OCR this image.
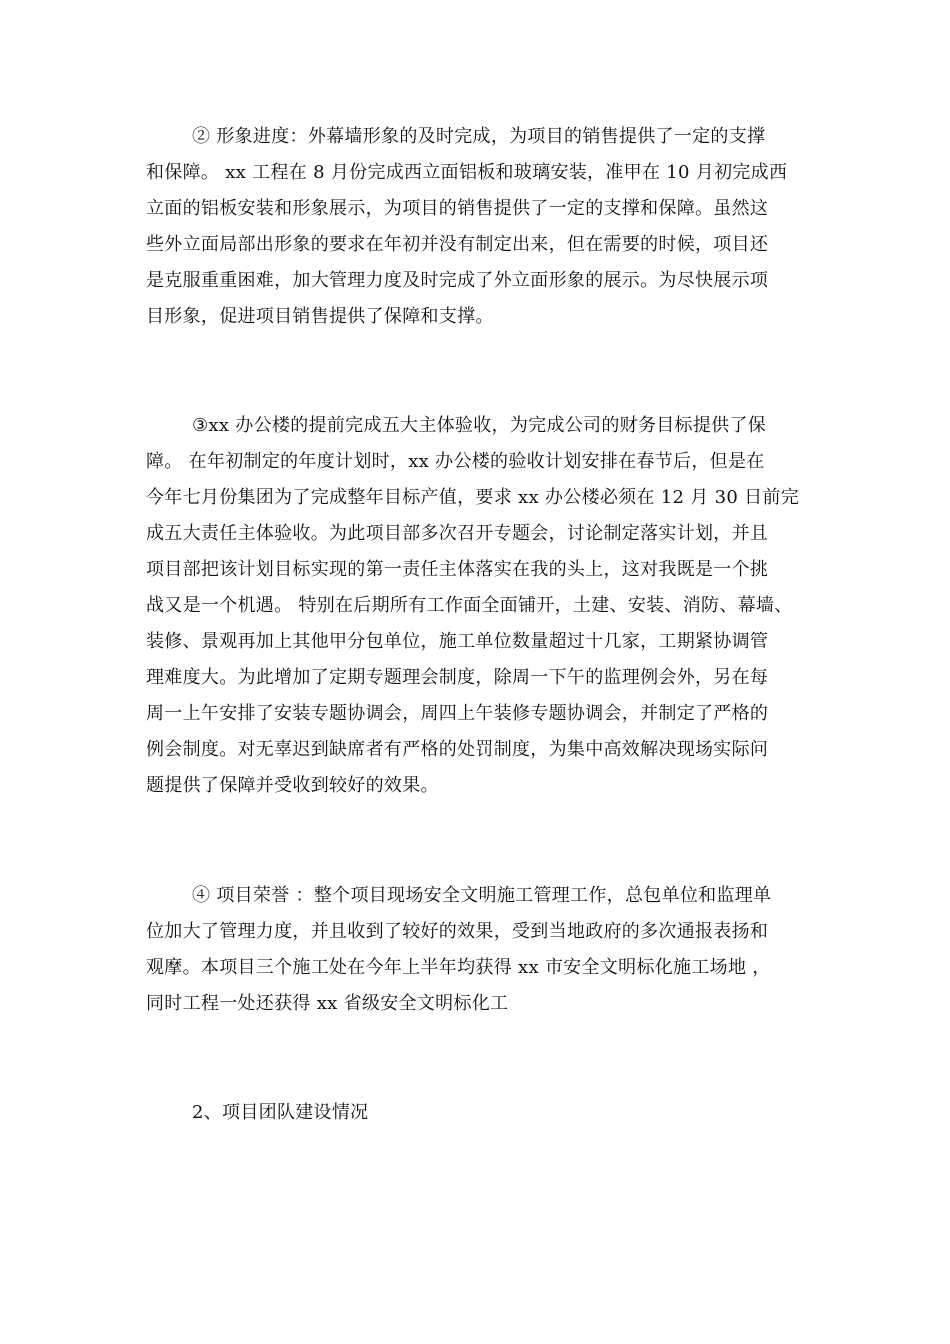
② 形象进度：外幕墙形象的及时完成，为项目的销售提供了一定的支撑
和保障。 xx 工程在 8 月份完成西立面铝板和玻璃安装，准甲在 10 月初完成西
立面的铝板安装和形象展示，为项目的销售提供了一定的支撑和保障。虽然这
些外立面局部出形象的要求在年初并没有制定出来，但在需要的时候，项目还
是克服重重困难，加大管理力度及时完成了外立面形象的展示。为尽快展示项
目形象，促进项目销售提供了保障和支撑。
③xx 办公楼的提前完成五大主体验收，为完成公司的财务目标提供了保
障。 在年初制定的年度计划时，xx 办公楼的验收计划安排在春节后，但是在
今年七月份集团为了完成整年目标产值，要求 xx 办公楼必须在 12 月 30 日前完
成五大责任主体验收。为此项目部多次召开专题会，讨论制定落实计划，并且
项目部把该计划目标实现的第一责任主体落实在我的头上，这对我既是一个挑
战又是一个机遇。 特别在后期所有工作面全面铺开，土建、安装、消防、幕墙、
装修、景观再加上其他甲分包单位，施工单位数量超过十几家，工期紧协调管
理难度大。为此增加了定期专题理会制度，除周一下午的监理例会外，另在每
周一上午安排了安装专题协调会，周四上午装修专题协调会，并制定了严格的
例会制度。对无辜迟到缺席者有严格的处罚制度，为集中高效解决现场实际问
题提供了保障并受收到较好的效果。
④ 项目荣誉 ：整个项目现场安全文明施工管理工作，总包单位和监理单
位加大了管理力度，并且收到了较好的效果，受到当地政府的多次通报表扬和
观摩。本项目三个施工处在今年上半年均获得 xx 市安全文明标化施工场地 ，
同时工程一处还获得 xx 省级安全文明标化工
2、项目团队建设情况
